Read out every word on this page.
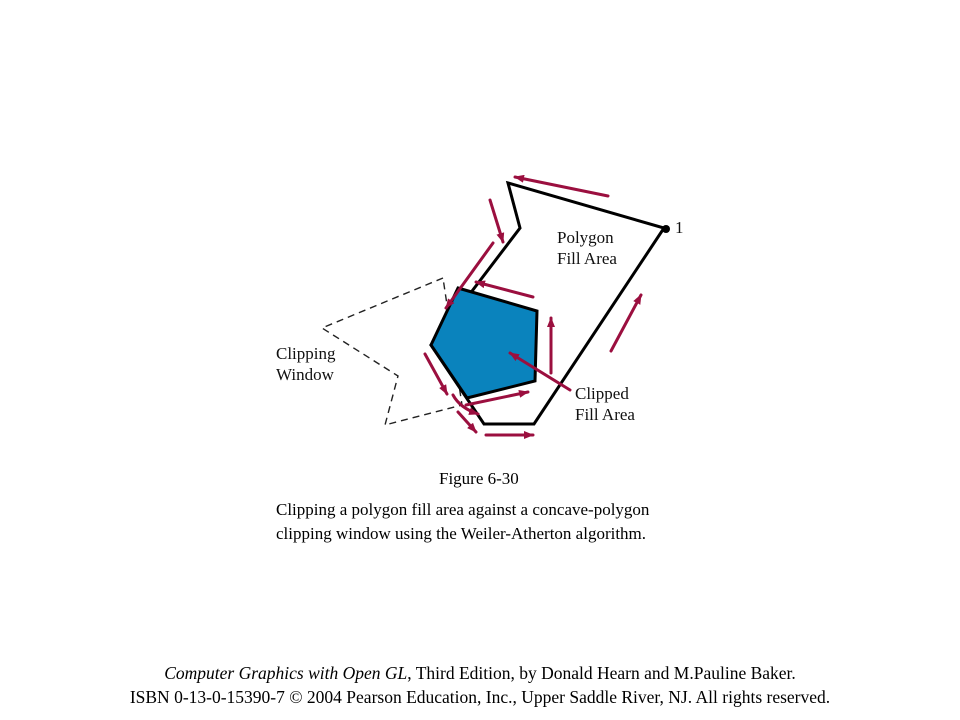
1
Polygon
Fill Area
Clipping
Window
Clipped
Fill Area
Figure 6-30
Clipping a polygon fill area against a concave-polygon
clipping window using the Weiler-Atherton algorithm.
Computer Graphics with Open GL, Third Edition, by Donald Hearn and M.Pauline Baker.
ISBN 0-13-0-15390-7 © 2004 Pearson Education, Inc., Upper Saddle River, NJ. All rights reserved.
